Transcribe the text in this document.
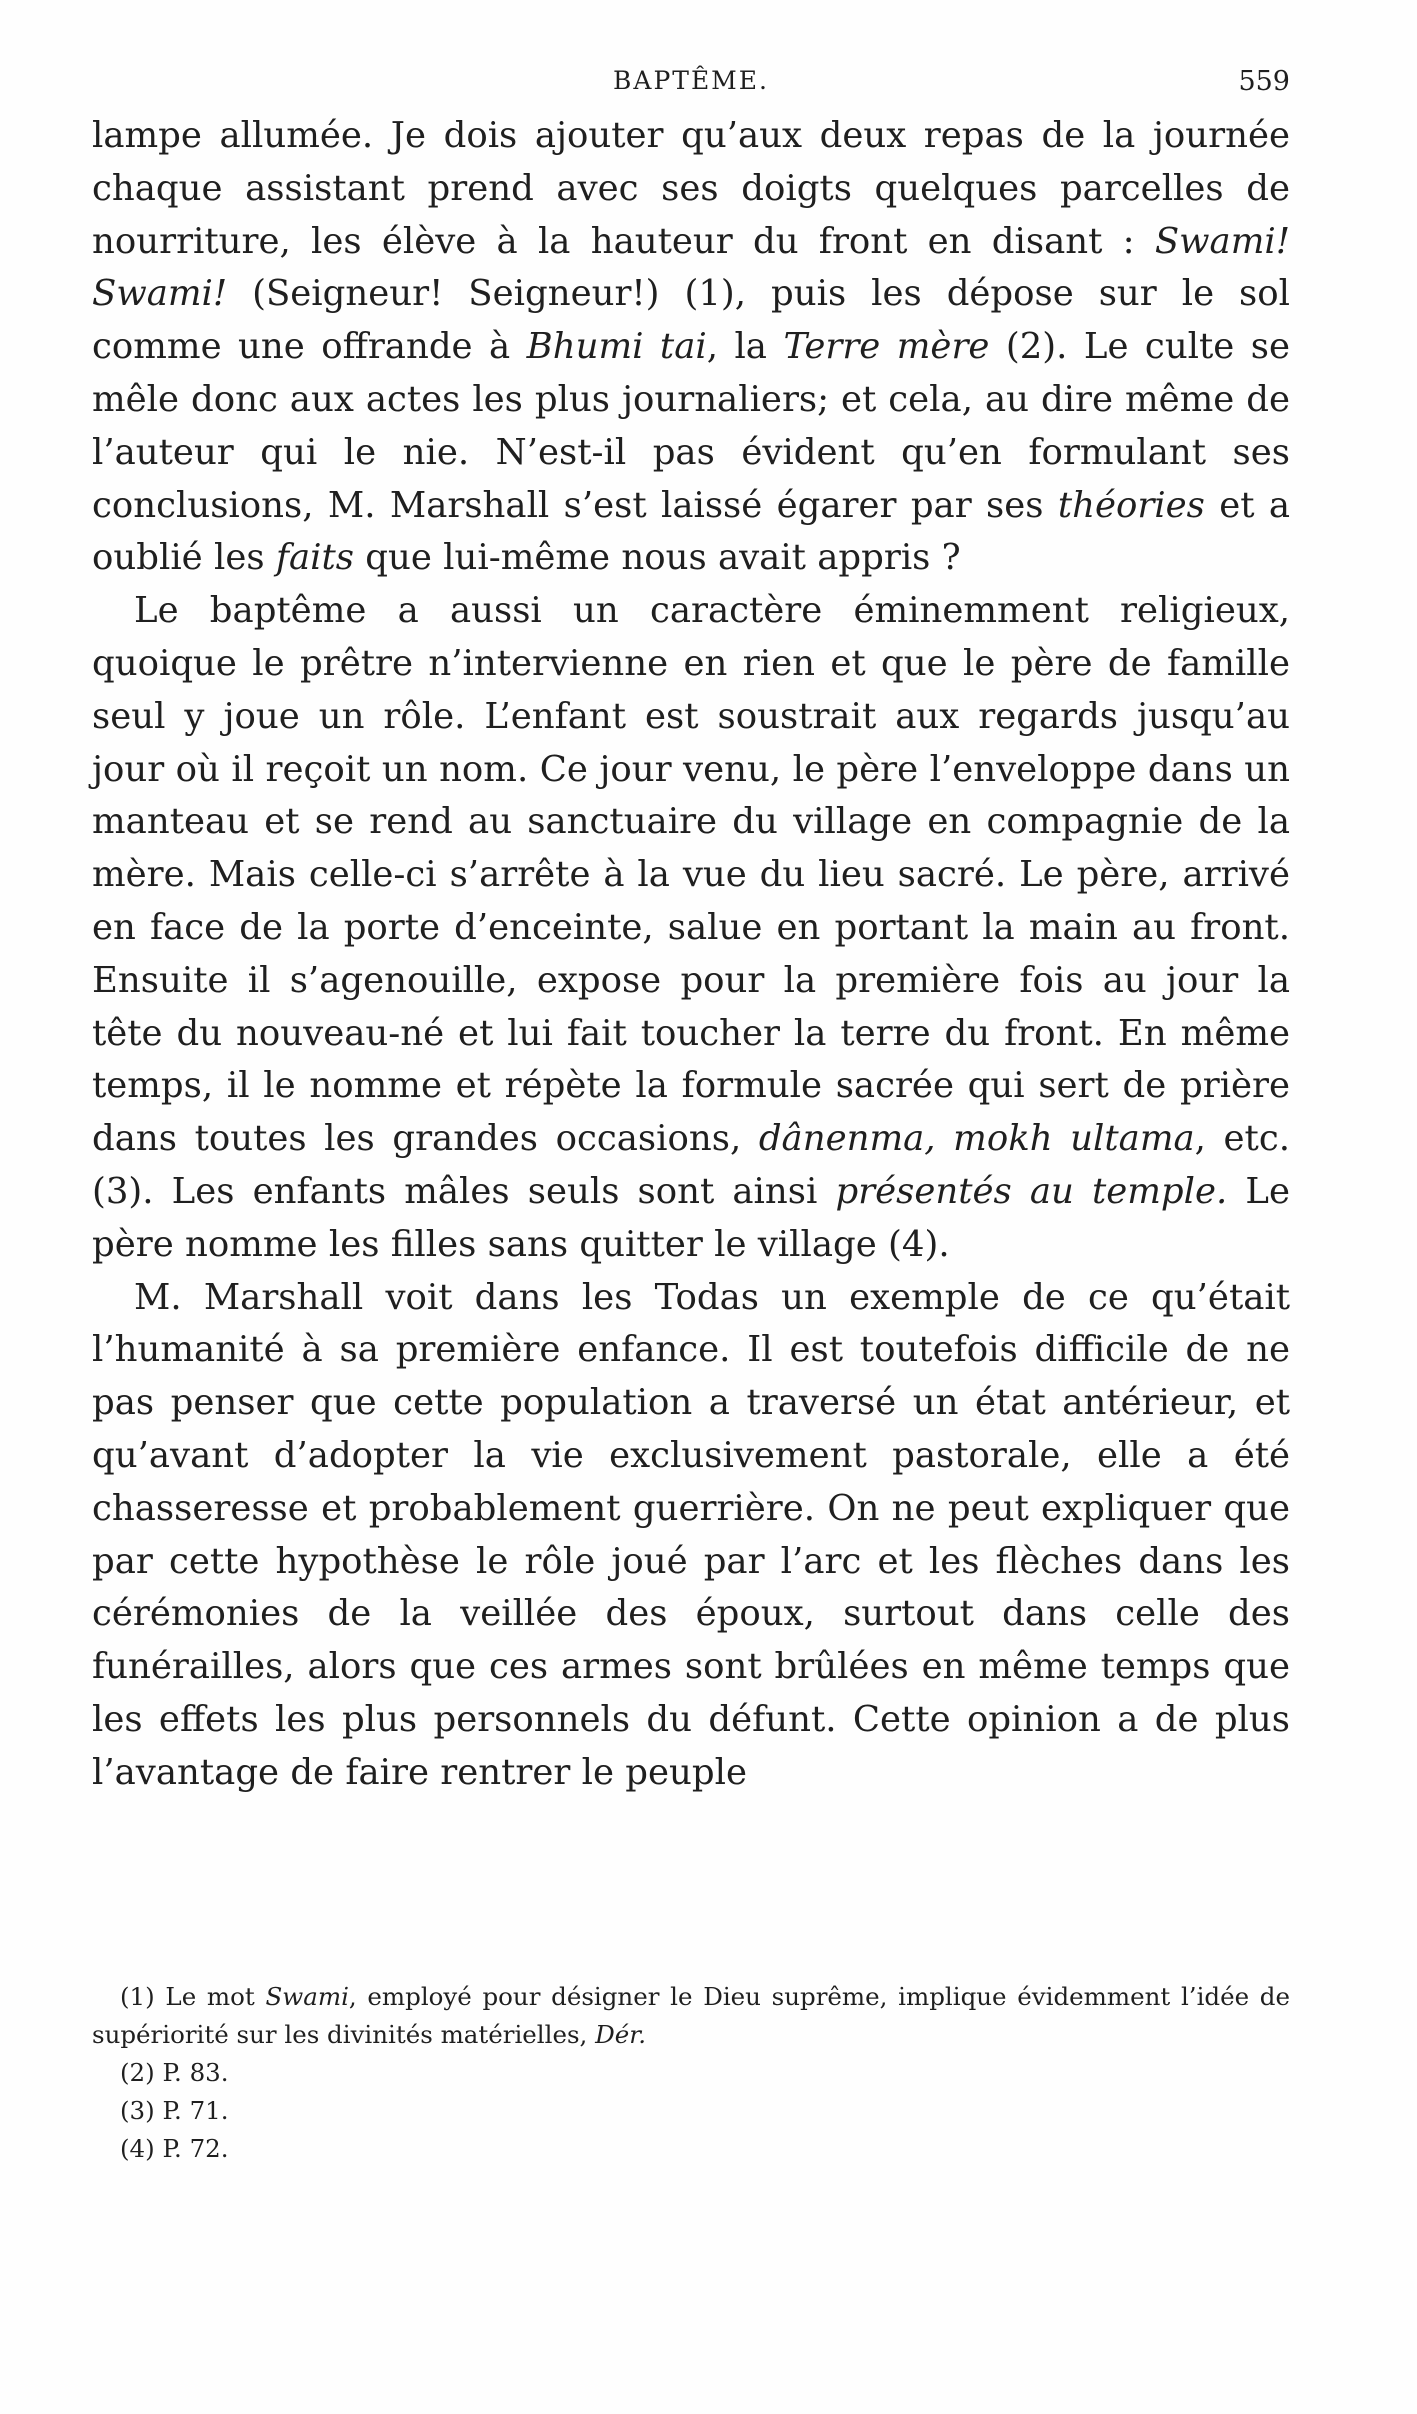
BAPTÊME.	559

lampe allumée. Je dois ajouter qu’aux deux repas de la journée chaque assistant prend avec ses doigts quelques parcelles de nourriture, les élève à la hauteur du front en disant : Swami! Swami! (Seigneur! Seigneur!) (1), puis les dépose sur le sol comme une offrande à Bhumi tai, la Terre mère (2). Le culte se mêle donc aux actes les plus journaliers; et cela, au dire même de l’auteur qui le nie. N’est-il pas évident qu’en formulant ses conclusions, M. Marshall s’est laissé égarer par ses théories et a oublié les faits que lui-même nous avait appris ?

Le baptême a aussi un caractère éminemment religieux, quoique le prêtre n’intervienne en rien et que le père de famille seul y joue un rôle. L’enfant est soustrait aux regards jusqu’au jour où il reçoit un nom. Ce jour venu, le père l’enveloppe dans un manteau et se rend au sanctuaire du village en compagnie de la mère. Mais celle-ci s’arrête à la vue du lieu sacré. Le père, arrivé en face de la porte d’enceinte, salue en portant la main au front. Ensuite il s’agenouille, expose pour la première fois au jour la tête du nouveau-né et lui fait toucher la terre du front. En même temps, il le nomme et répète la formule sacrée qui sert de prière dans toutes les grandes occasions, dânenma, mokh ultama, etc. (3). Les enfants mâles seuls sont ainsi présentés au temple. Le père nomme les filles sans quitter le village (4).

M. Marshall voit dans les Todas un exemple de ce qu’était l’humanité à sa première enfance. Il est toutefois difficile de ne pas penser que cette population a traversé un état antérieur, et qu’avant d’adopter la vie exclusivement pastorale, elle a été chasseresse et probablement guerrière. On ne peut expliquer que par cette hypothèse le rôle joué par l’arc et les flèches dans les cérémonies de la veillée des époux, surtout dans celle des funérailles, alors que ces armes sont brûlées en même temps que les effets les plus personnels du défunt. Cette opinion a de plus l’avantage de faire rentrer le peuple

(1) Le mot Swami, employé pour désigner le Dieu suprême, implique évidemment l’idée de supériorité sur les divinités matérielles, Dér.

(2) P. 83.

(3) P. 71.

(4) P. 72.
